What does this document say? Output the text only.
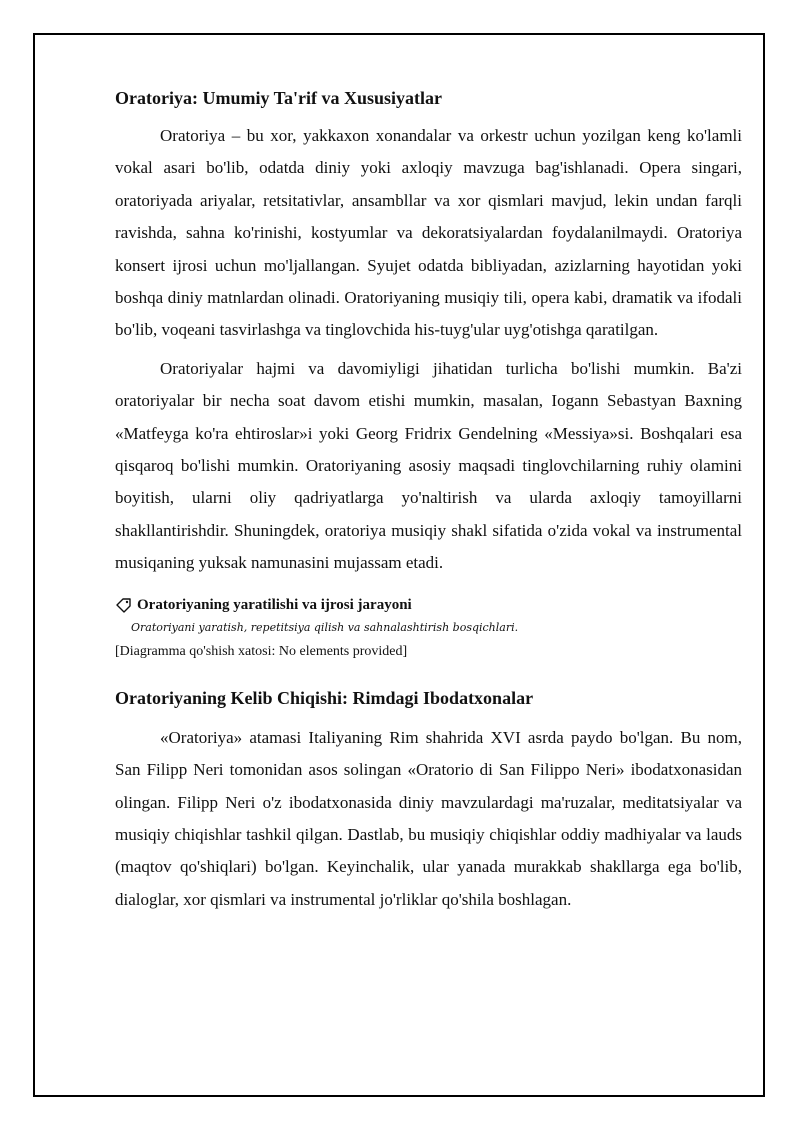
Oratoriya: Umumiy Ta'rif va Xususiyatlar

Oratoriya – bu xor, yakkaxon xonandalar va orkestr uchun yozilgan keng ko'lamli vokal asari bo'lib, odatda diniy yoki axloqiy mavzuga bag'ishlanadi. Opera singari, oratoriyada ariyalar, retsitativlar, ansambllar va xor qismlari mavjud, lekin undan farqli ravishda, sahna ko'rinishi, kostyumlar va dekoratsiyalardan foydalanilmaydi. Oratoriya konsert ijrosi uchun mo'ljallangan. Syujet odatda bibliyadan, azizlarning hayotidan yoki boshqa diniy matnlardan olinadi. Oratoriyaning musiqiy tili, opera kabi, dramatik va ifodali bo'lib, voqeani tasvirlashga va tinglovchida his-tuyg'ular uyg'otishga qaratilgan.

Oratoriyalar hajmi va davomiyligi jihatidan turlicha bo'lishi mumkin. Ba'zi oratoriyalar bir necha soat davom etishi mumkin, masalan, Iogann Sebastyan Baxning «Matfeyga ko'ra ehtiroslar»i yoki Georg Fridrix Gendelning «Messiya»si. Boshqalari esa qisqaroq bo'lishi mumkin. Oratoriyaning asosiy maqsadi tinglovchilarning ruhiy olamini boyitish, ularni oliy qadriyatlarga yo'naltirish va ularda axloqiy tamoyillarni shakllantirishdir. Shuningdek, oratoriya musiqiy shakl sifatida o'zida vokal va instrumental musiqaning yuksak namunasini mujassam etadi.

Oratoriyaning yaratilishi va ijrosi jarayoni
Oratoriyani yaratish, repetitsiya qilish va sahnalashtirish bosqichlari.
[Diagramma qo'shish xatosi: No elements provided]
Oratoriyaning Kelib Chiqishi: Rimdagi Ibodatxonalar

«Oratoriya» atamasi Italiyaning Rim shahrida XVI asrda paydo bo'lgan. Bu nom, San Filipp Neri tomonidan asos solingan «Oratorio di San Filippo Neri» ibodatxonasidan olingan. Filipp Neri o'z ibodatxonasida diniy mavzulardagi ma'ruzalar, meditatsiyalar va musiqiy chiqishlar tashkil qilgan. Dastlab, bu musiqiy chiqishlar oddiy madhiyalar va lauds (maqtov qo'shiqlari) bo'lgan. Keyinchalik, ular yanada murakkab shakllarga ega bo'lib, dialoglar, xor qismlari va instrumental jo'rliklar qo'shila boshlagan.
